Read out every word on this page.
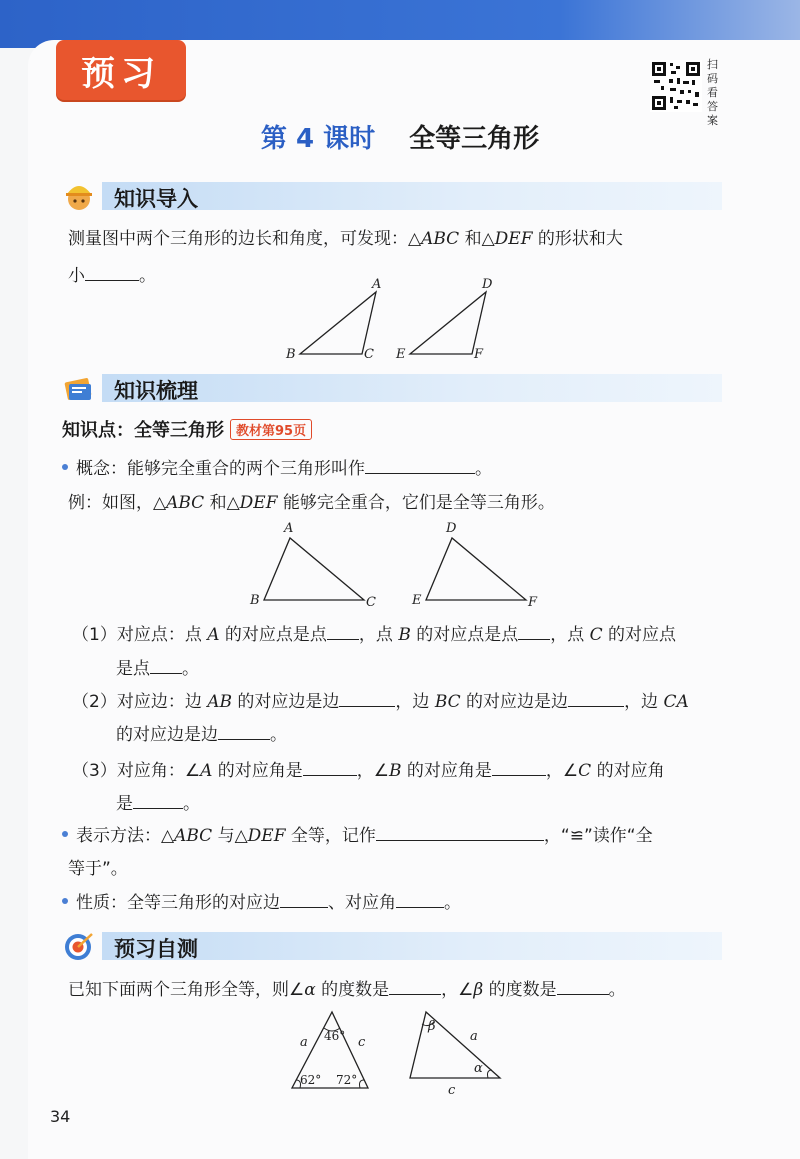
预习	扫码看答案
第 4 课时 全等三角形
知识导入
测量图中两个三角形的边长和角度，可发现：△ABC 和△DEF 的形状和大
小	。	A
B	C
D
E	F
知识梳理
知识点：全等三角形 教材第95页
概念：能够完全重合的两个三角形叫作	。
例：如图，△ABC 和△DEF 能够完全重合，它们是全等三角形。
A
B	C
D
E	F
（1）对应点：点 A 的对应点是点 ，点 B 的对应点是点 ，点 C 的对应点
是点 。
（2）对应边：边 AB 的对应边是边	，边 BC 的对应边是边	，边 CA
的对应边是边	。
（3）对应角：∠A 的对应角是	，∠B 的对应角是	，∠C 的对应角
是	。
表示方法：△ABC 与△DEF 全等，记作	，“≌”读作“全
等于”。
性质：全等三角形的对应边	、对应角	。
预习自测
已知下面两个三角形全等，则∠α 的度数是	，∠β 的度数是	。
a	c
46°
62° 72°
β
a
α
c
34
